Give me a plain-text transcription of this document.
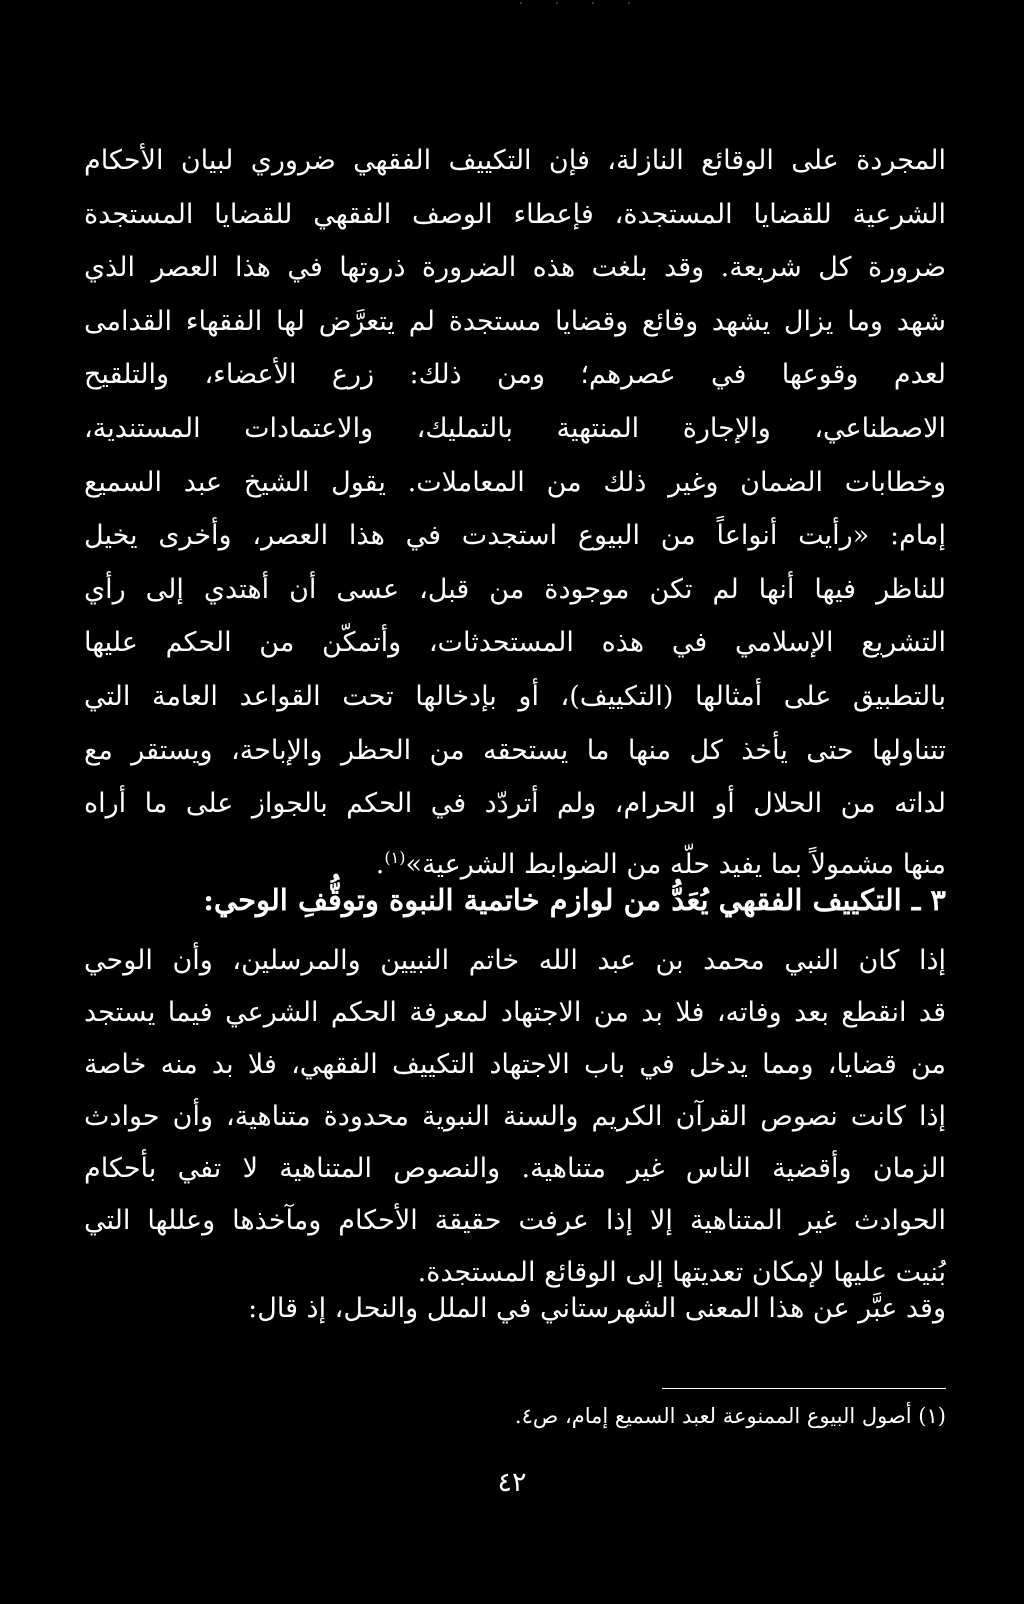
المجردة على الوقائع النازلة، فإن التكييف الفقهي ضروري لبيان الأحكام
الشرعية للقضايا المستجدة، فإعطاء الوصف الفقهي للقضايا المستجدة
ضرورة كل شريعة. وقد بلغت هذه الضرورة ذروتها في هذا العصر الذي
شهد وما يزال يشهد وقائع وقضايا مستجدة لم يتعرَّض لها الفقهاء القدامى
لعدم وقوعها في عصرهم؛ ومن ذلك: زرع الأعضاء، والتلقيح
الاصطناعي، والإجارة المنتهية بالتمليك، والاعتمادات المستندية،
وخطابات الضمان وغير ذلك من المعاملات. يقول الشيخ عبد السميع
إمام: «رأيت أنواعاً من البيوع استجدت في هذا العصر، وأخرى يخيل
للناظر فيها أنها لم تكن موجودة من قبل، عسى أن أهتدي إلى رأي
التشريع الإسلامي في هذه المستحدثات، وأتمكّن من الحكم عليها
بالتطبيق على أمثالها (التكييف)، أو بإدخالها تحت القواعد العامة التي
تتناولها حتى يأخذ كل منها ما يستحقه من الحظر والإباحة، ويستقر مع
لداته من الحلال أو الحرام، ولم أتردّد في الحكم بالجواز على ما أراه
منها مشمولاً بما يفيد حلّه من الضوابط الشرعية»$^{(١)}$.
٣ ـ التكييف الفقهي يُعَدُّ من لوازم خاتمية النبوة وتوقُّفِ الوحي:
إذا كان النبي محمد بن عبد الله خاتم النبيين والمرسلين، وأن الوحي
قد انقطع بعد وفاته، فلا بد من الاجتهاد لمعرفة الحكم الشرعي فيما يستجد
من قضايا، ومما يدخل في باب الاجتهاد التكييف الفقهي، فلا بد منه خاصة
إذا كانت نصوص القرآن الكريم والسنة النبوية محدودة متناهية، وأن حوادث
الزمان وأقضية الناس غير متناهية. والنصوص المتناهية لا تفي بأحكام
الحوادث غير المتناهية إلا إذا عرفت حقيقة الأحكام ومآخذها وعللها التي
بُنيت عليها لإمكان تعديتها إلى الوقائع المستجدة.
وقد عبَّر عن هذا المعنى الشهرستاني في الملل والنحل، إذ قال:
(١) أصول البيوع الممنوعة لعبد السميع إمام، ص٤.
٤٢
